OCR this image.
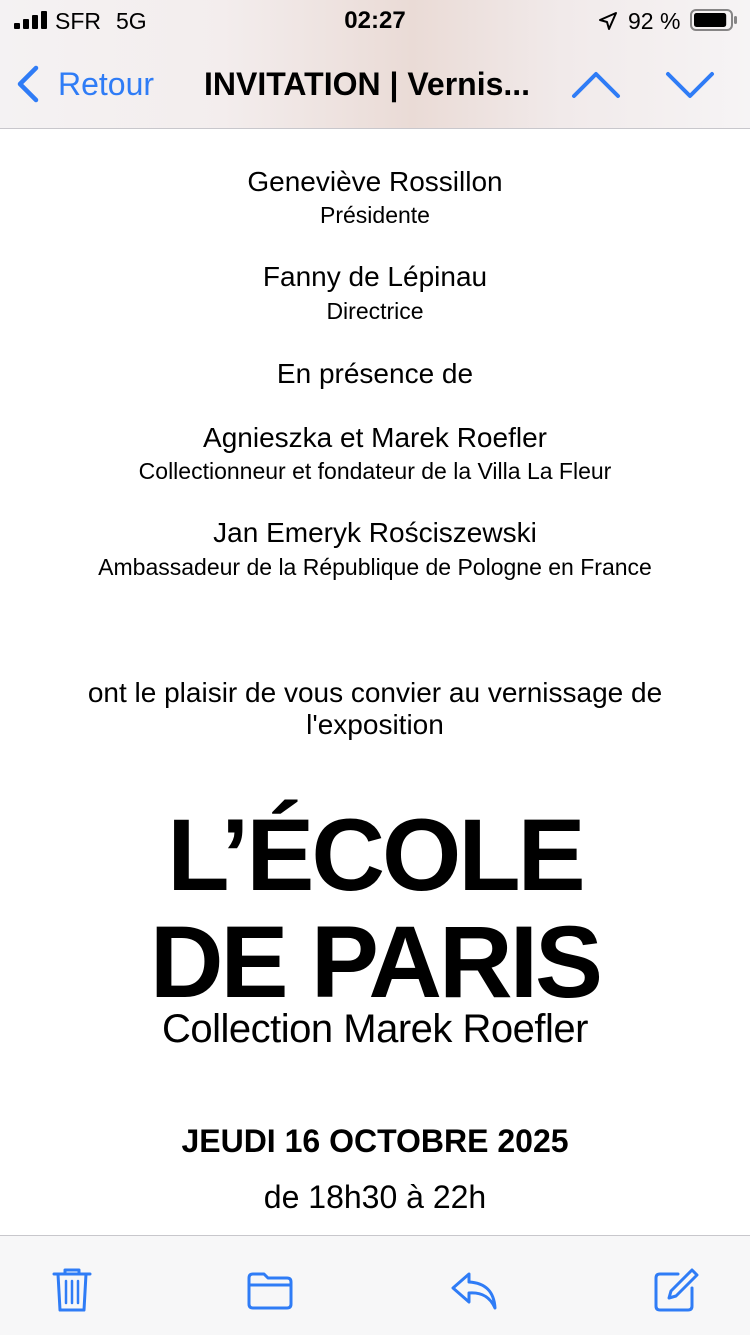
SFR 5G	02:27	92 %
Retour INVITATION | Vernis...
Geneviève Rossillon
Présidente
Fanny de Lépinau
Directrice
En présence de
Agnieszka et Marek Roefler
Collectionneur et fondateur de la Villa La Fleur
Jan Emeryk Rościszewski
Ambassadeur de la République de Pologne en France
ont le plaisir de vous convier au vernissage de l'exposition
L’ÉCOLE
DE PARIS
Collection Marek Roefler
JEUDI 16 OCTOBRE 2025
de 18h30 à 22h
